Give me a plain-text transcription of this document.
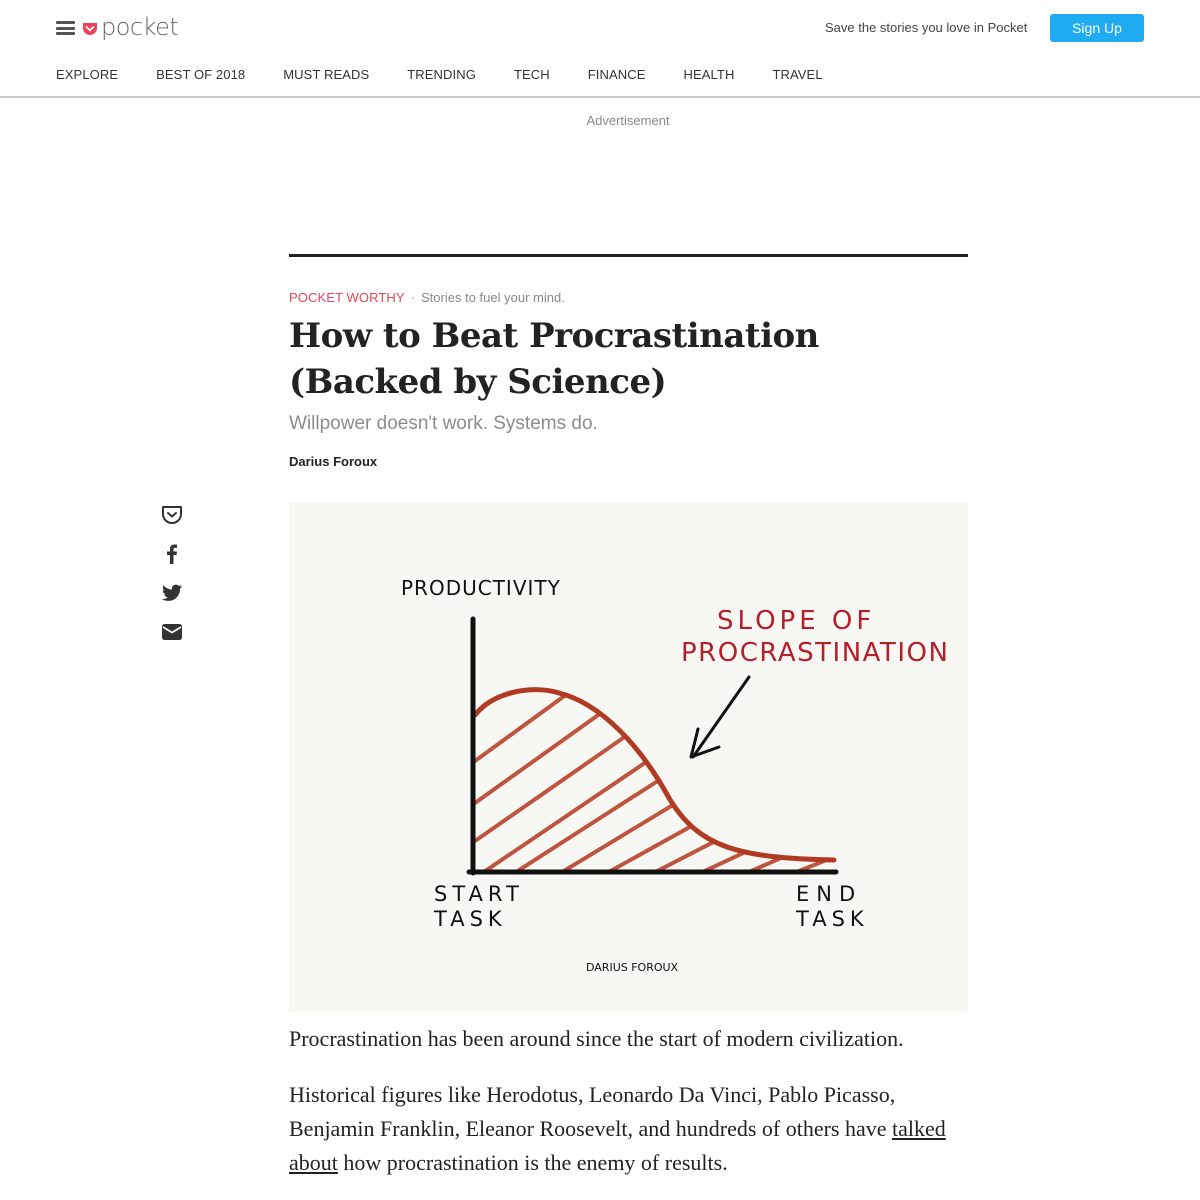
pocket	Save the stories you love in Pocket	Sign Up
EXPLORE	BEST OF 2018	MUST READS	TRENDING	TECH	FINANCE	HEALTH	TRAVEL
Advertisement
POCKET WORTHY · Stories to fuel your mind.
How to Beat Procrastination (Backed by Science)
Willpower doesn't work. Systems do.
Darius Foroux
PRODUCTIVITY
SLOPE OF
PROCRASTINATION
START
TASK
END
TASK
DARIUS FOROUX

Procrastination has been around since the start of modern civilization.

Historical figures like Herodotus, Leonardo Da Vinci, Pablo Picasso, Benjamin Franklin, Eleanor Roosevelt, and hundreds of others have talked about how procrastination is the enemy of results.
